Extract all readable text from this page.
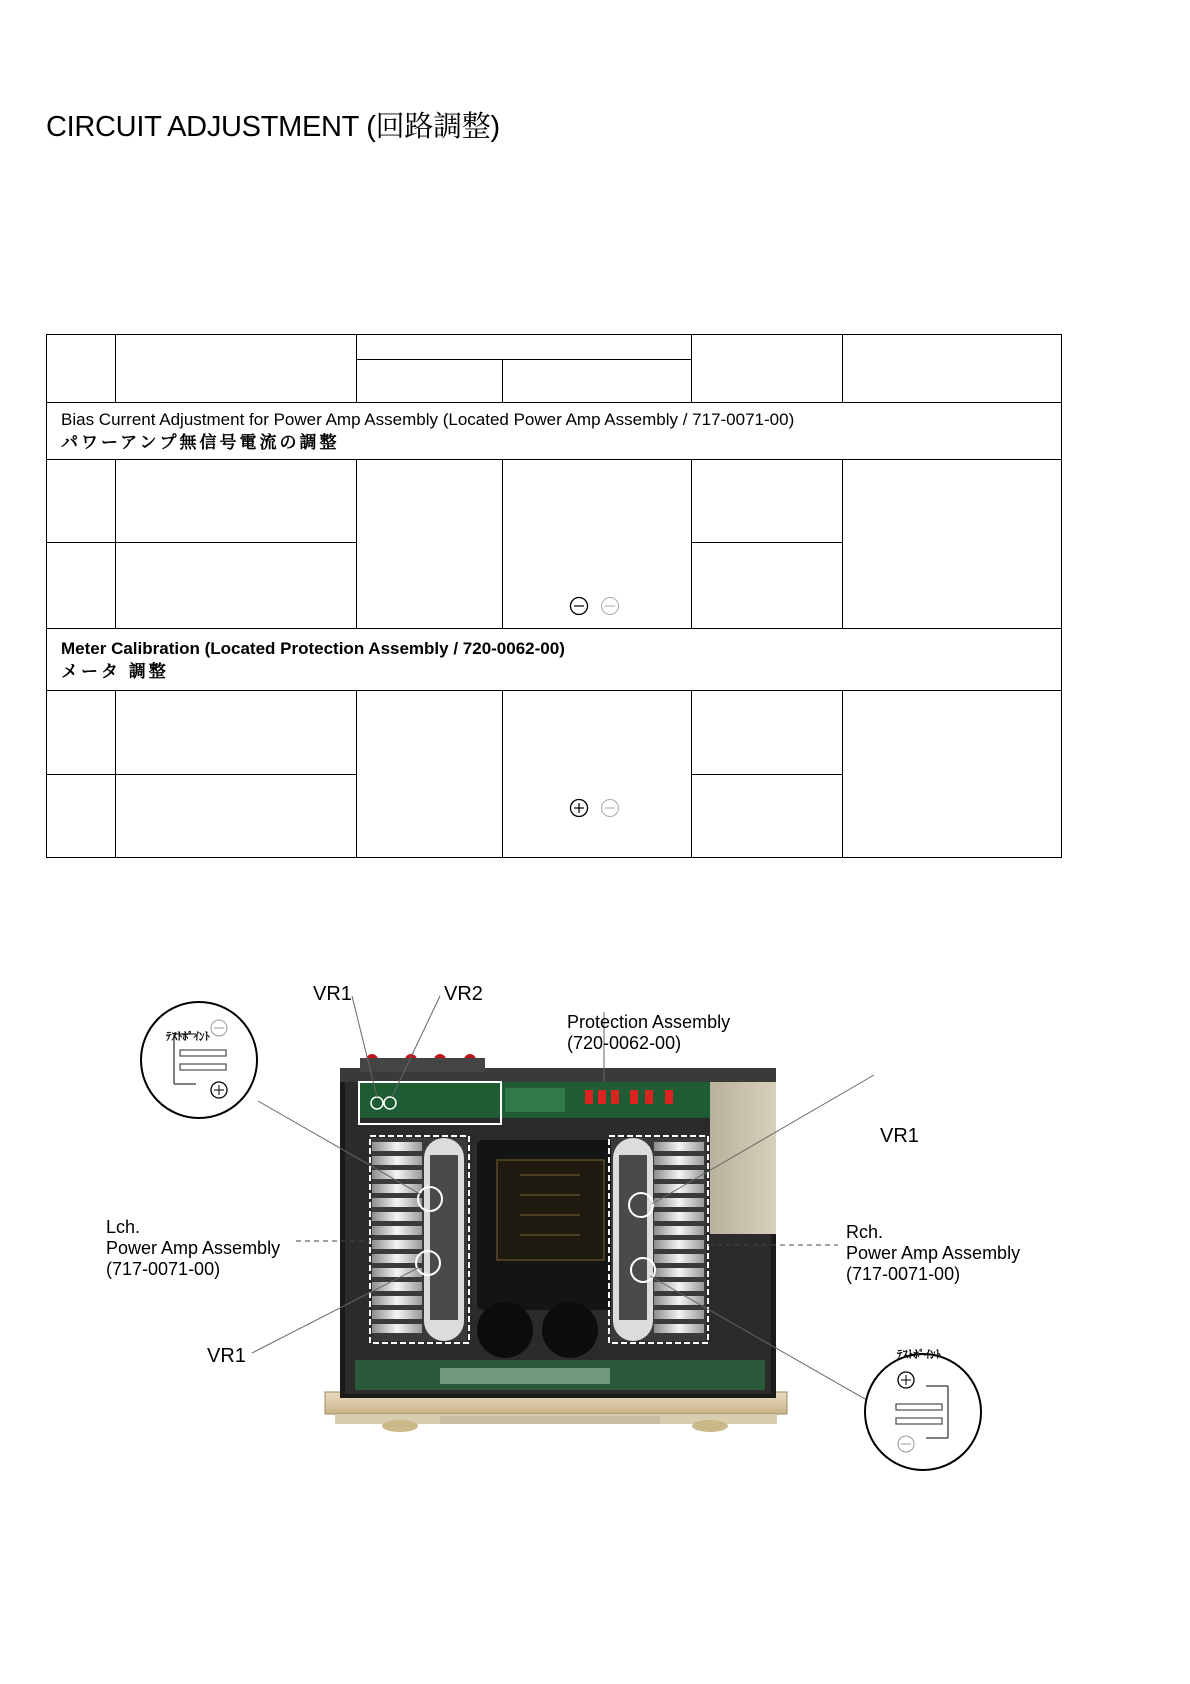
CIRCUIT ADJUSTMENT (回路調整)
Bias Current Adjustment for Power Amp Assembly (Located Power Amp Assembly / 717-0071-00)
パワーアンプ無信号電流の調整
Meter Calibration (Located Protection Assembly / 720-0062-00)
メータ 調整
VR1	VR2
Protection Assembly
(720-0062-00)
VR1
Lch.
Power Amp Assembly
(717-0071-00)
Rch.
Power Amp Assembly
(717-0071-00)
VR1
ﾃｽﾄﾎﾟｲﾝﾄ
ﾃｽﾄﾎﾟｲﾝﾄ
